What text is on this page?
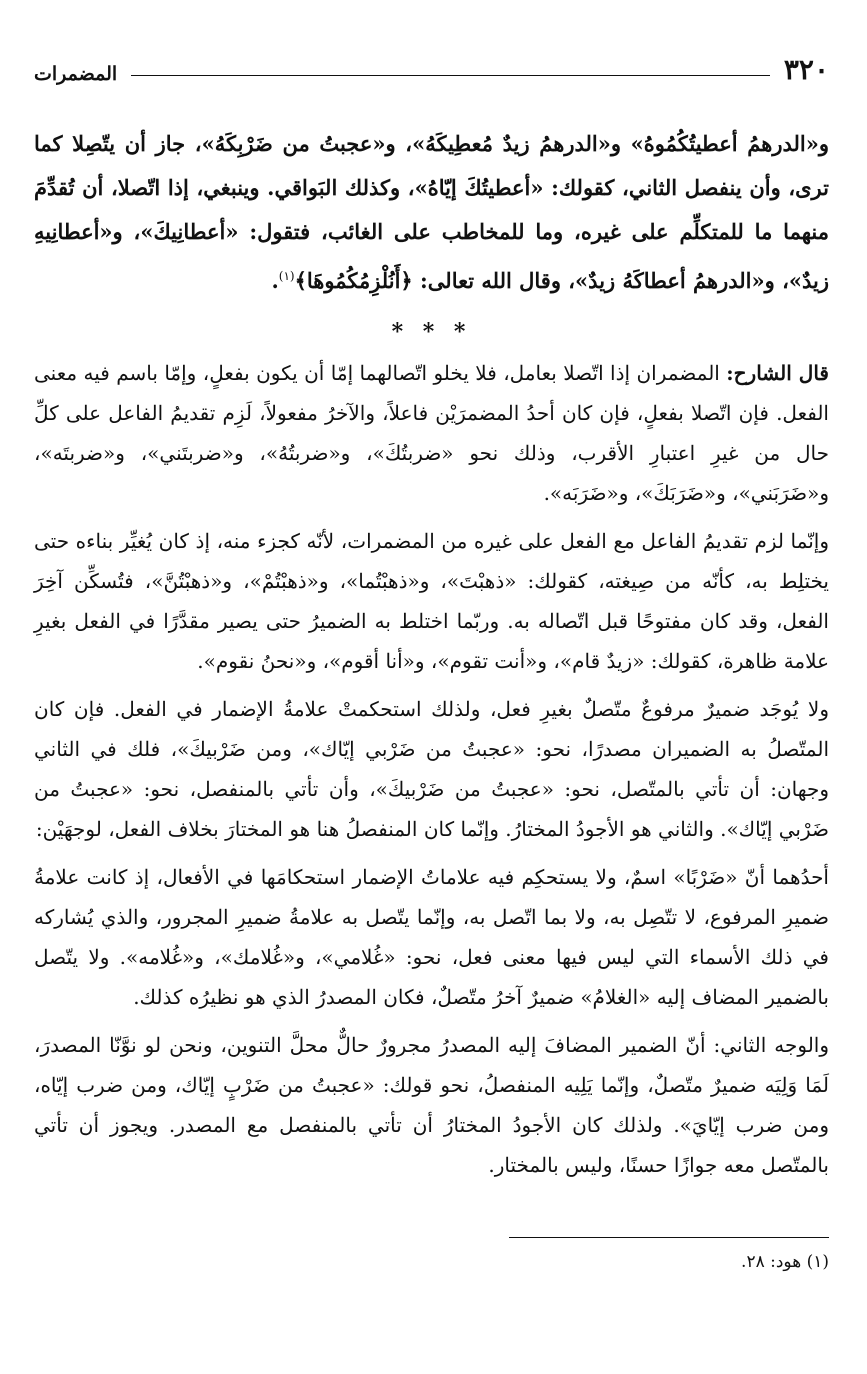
٣٢٠
المضمرات

و«الدرهمُ أعطيتُكُمُوهُ» و«الدرهمُ زيدٌ مُعطِيكَهُ»، و«عجبتُ من ضَرْبِكَهُ»، جاز أن يتّصِلا كما ترى، وأن ينفصل الثاني، كقولك: «أعطيتُكَ إيّاهُ»، وكذلك البَواقي. وينبغي، إذا اتّصلا، أن تُقدِّمَ منهما ما للمتكلِّم على غيره، وما للمخاطب على الغائب، فتقول: «أعطانِيكَ»، و«أعطانِيهِ زيدٌ»، و«الدرهمُ أعطاكَهُ زيدٌ»، وقال الله تعالى: ﴿أَنُلْزِمُكُمُوهَا﴾$^{(١)}$.

* * *

قال الشارح: المضمران إذا اتّصلا بعامل، فلا يخلو اتّصالهما إمّا أن يكون بفعلٍ، وإمّا باسم فيه معنى الفعل. فإن اتّصلا بفعلٍ، فإن كان أحدُ المضمرَيْن فاعلاً، والآخرُ مفعولاً، لَزِم تقديمُ الفاعل على كلِّ حال من غيرِ اعتبارِ الأقرب، وذلك نحو «ضربتُكَ»، و«ضربتُهُ»، و«ضربتَني»، و«ضربتَه»، و«ضَرَبَني»، و«ضَرَبَكَ»، و«ضَرَبَه».

وإنّما لزم تقديمُ الفاعل مع الفعل على غيره من المضمرات، لأنّه كجزء منه، إذ كان يُغيِّر بناءه حتى يختلِط به، كأنّه من صِيغته، كقولك: «ذهبْتَ»، و«ذهبْتُما»، و«ذهبْتُمْ»، و«ذهبْتُنَّ»، فتُسكِّن آخِرَ الفعل، وقد كان مفتوحًا قبل اتّصاله به. وربّما اختلط به الضميرُ حتى يصير مقدَّرًا في الفعل بغيرِ علامة ظاهرة، كقولك: «زيدٌ قام»، و«أنت تقوم»، و«أنا أقوم»، و«نحنُ نقوم».

ولا يُوجَد ضميرٌ مرفوعٌ متّصلٌ بغيرِ فعل، ولذلك استحكمتْ علامةُ الإضمار في الفعل. فإن كان المتّصلُ به الضميران مصدرًا، نحو: «عجبتُ من ضَرْبي إيّاك»، ومن ضَرْبيكَ»، فلك في الثاني وجهان: أن تأتي بالمتّصل، نحو: «عجبتُ من ضَرْبيكَ»، وأن تأتي بالمنفصل، نحو: «عجبتُ من ضَرْبي إيّاك». والثاني هو الأجودُ المختارُ. وإنّما كان المنفصلُ هنا هو المختارَ بخلاف الفعل، لوجهَيْن:

أحدُهما أنّ «ضَرْبًا» اسمٌ، ولا يستحكِم فيه علاماتُ الإضمار استحكامَها في الأفعال، إذ كانت علامةُ ضميرِ المرفوع، لا تتّصِل به، ولا بما اتّصل به، وإنّما يتّصل به علامةُ ضميرِ المجرور، والذي يُشاركه في ذلك الأسماء التي ليس فيها معنى فعل، نحو: «غُلامي»، و«غُلامك»، و«غُلامه». ولا يتّصل بالضمير المضاف إليه «الغلامُ» ضميرٌ آخرُ متّصلٌ، فكان المصدرُ الذي هو نظيرُه كذلك.

والوجه الثاني: أنّ الضمير المضافَ إليه المصدرُ مجرورٌ حالٌّ محلَّ التنوين، ونحن لو نوَّنّا المصدرَ، لَمَا وَلِيَه ضميرٌ متّصلٌ، وإنّما يَلِيه المنفصلُ، نحو قولك: «عجبتُ من ضَرْبٍ إيّاك، ومن ضرب إيّاه، ومن ضرب إيّايَ». ولذلك كان الأجودُ المختارُ أن تأتي بالمنفصل مع المصدر. ويجوز أن تأتي بالمتّصل معه جوازًا حسنًا، وليس بالمختار.

(١) هود: ٢٨.
